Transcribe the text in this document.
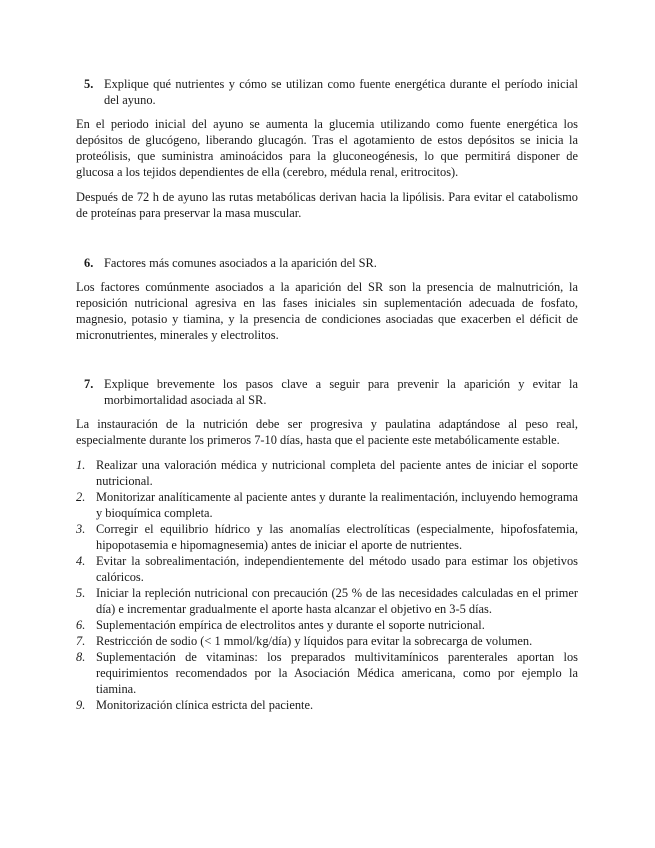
5. Explique qué nutrientes y cómo se utilizan como fuente energética durante el período inicial del ayuno.

En el periodo inicial del ayuno se aumenta la glucemia utilizando como fuente energética los depósitos de glucógeno, liberando glucagón. Tras el agotamiento de estos depósitos se inicia la proteólisis, que suministra aminoácidos para la gluconeogénesis, lo que permitirá disponer de glucosa a los tejidos dependientes de ella (cerebro, médula renal, eritrocitos).

Después de 72 h de ayuno las rutas metabólicas derivan hacia la lipólisis. Para evitar el catabolismo de proteínas para preservar la masa muscular.

6. Factores más comunes asociados a la aparición del SR.

Los factores comúnmente asociados a la aparición del SR son la presencia de malnutrición, la reposición nutricional agresiva en las fases iniciales sin suplementación adecuada de fosfato, magnesio, potasio y tiamina, y la presencia de condiciones asociadas que exacerben el déficit de micronutrientes, minerales y electrolitos.

7. Explique brevemente los pasos clave a seguir para prevenir la aparición y evitar la morbimortalidad asociada al SR.

La instauración de la nutrición debe ser progresiva y paulatina adaptándose al peso real, especialmente durante los primeros 7-10 días, hasta que el paciente este metabólicamente estable.

1. Realizar una valoración médica y nutricional completa del paciente antes de iniciar el soporte nutricional.
2. Monitorizar analíticamente al paciente antes y durante la realimentación, incluyendo hemograma y bioquímica completa.
3. Corregir el equilibrio hídrico y las anomalías electrolíticas (especialmente, hipofosfatemia, hipopotasemia e hipomagnesemia) antes de iniciar el aporte de nutrientes.
4. Evitar la sobrealimentación, independientemente del método usado para estimar los objetivos calóricos.
5. Iniciar la repleción nutricional con precaución (25 % de las necesidades calculadas en el primer día) e incrementar gradualmente el aporte hasta alcanzar el objetivo en 3-5 días.
6. Suplementación empírica de electrolitos antes y durante el soporte nutricional.
7. Restricción de sodio (< 1 mmol/kg/día) y líquidos para evitar la sobrecarga de volumen.
8. Suplementación de vitaminas: los preparados multivitamínicos parenterales aportan los requirimientos recomendados por la Asociación Médica americana, como por ejemplo la tiamina.
9. Monitorización clínica estricta del paciente.
